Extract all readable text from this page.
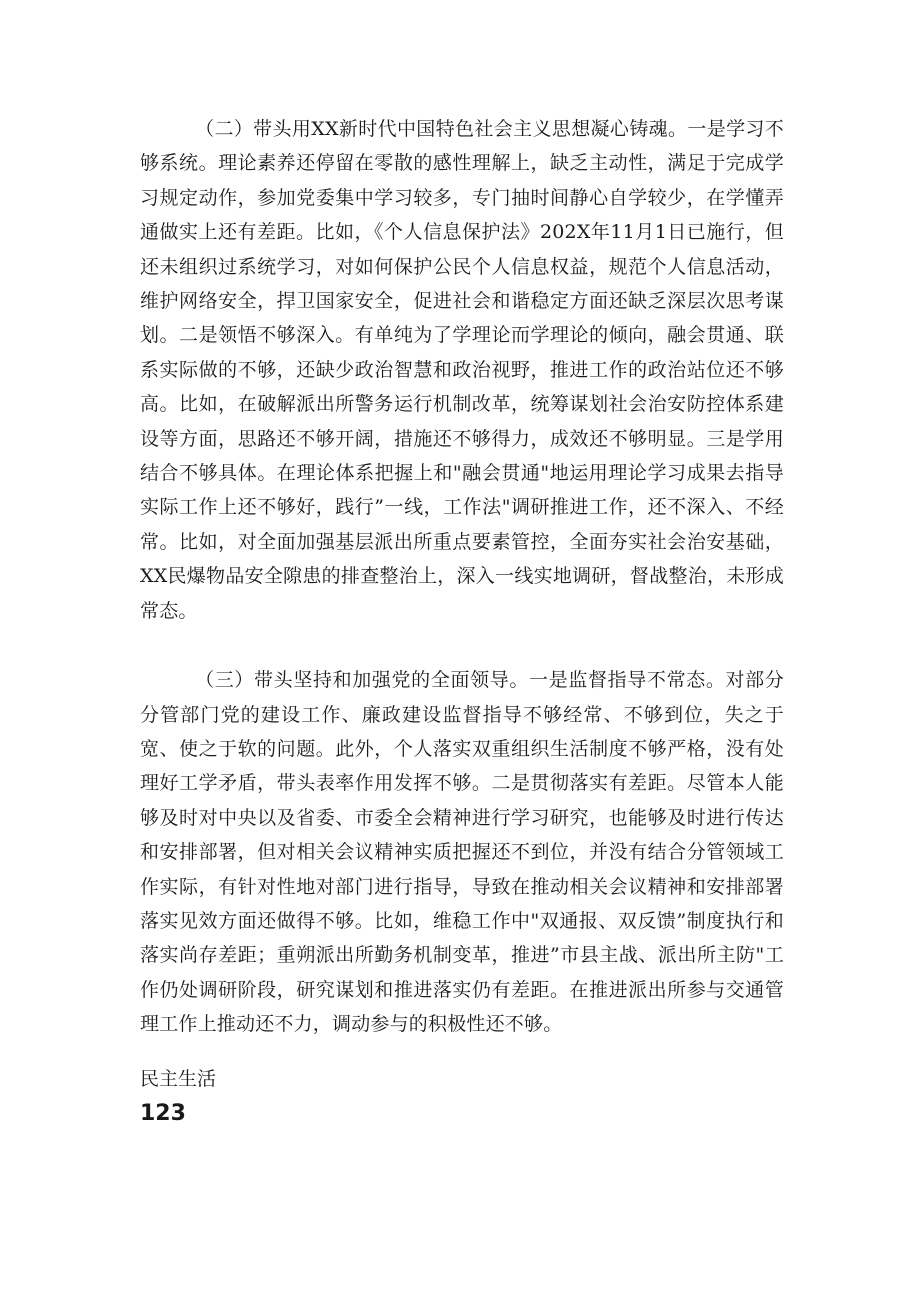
（二）带头用XX新时代中国特色社会主义思想凝心铸魂。一是学习不够系统。理论素养还停留在零散的感性理解上，缺乏主动性，满足于完成学习规定动作，参加党委集中学习较多，专门抽时间静心自学较少，在学懂弄通做实上还有差距。比如，《个人信息保护法》202X年11月1日已施行，但还未组织过系统学习，对如何保护公民个人信息权益，规范个人信息活动，维护网络安全，捍卫国家安全，促进社会和谐稳定方面还缺乏深层次思考谋划。二是领悟不够深入。有单纯为了学理论而学理论的倾向，融会贯通、联系实际做的不够，还缺少政治智慧和政治视野，推进工作的政治站位还不够高。比如，在破解派出所警务运行机制改革，统筹谋划社会治安防控体系建设等方面，思路还不够开阔，措施还不够得力，成效还不够明显。三是学用结合不够具体。在理论体系把握上和"融会贯通"地运用理论学习成果去指导实际工作上还不够好，践行”一线，工作法"调研推进工作，还不深入、不经常。比如，对全面加强基层派出所重点要素管控，全面夯实社会治安基础，XX民爆物品安全隙患的排查整治上，深入一线实地调研，督战整治，未形成常态。

（三）带头坚持和加强党的全面领导。一是监督指导不常态。对部分分管部门党的建设工作、廉政建设监督指导不够经常、不够到位，失之于宽、使之于软的问题。此外，个人落实双重组织生活制度不够严格，没有处理好工学矛盾，带头表率作用发挥不够。二是贯彻落实有差距。尽管本人能够及时对中央以及省委、市委全会精神进行学习研究，也能够及时进行传达和安排部署，但对相关会议精神实质把握还不到位，并没有结合分管领域工作实际，有针对性地对部门进行指导，导致在推动相关会议精神和安排部署落实见效方面还做得不够。比如，维稳工作中"双通报、双反馈”制度执行和落实尚存差距；重朔派出所勤务机制变革，推进”市县主战、派出所主防"工作仍处调研阶段，研究谋划和推进落实仍有差距。在推进派出所参与交通管理工作上推动还不力，调动参与的积极性还不够。

民主生活

123
